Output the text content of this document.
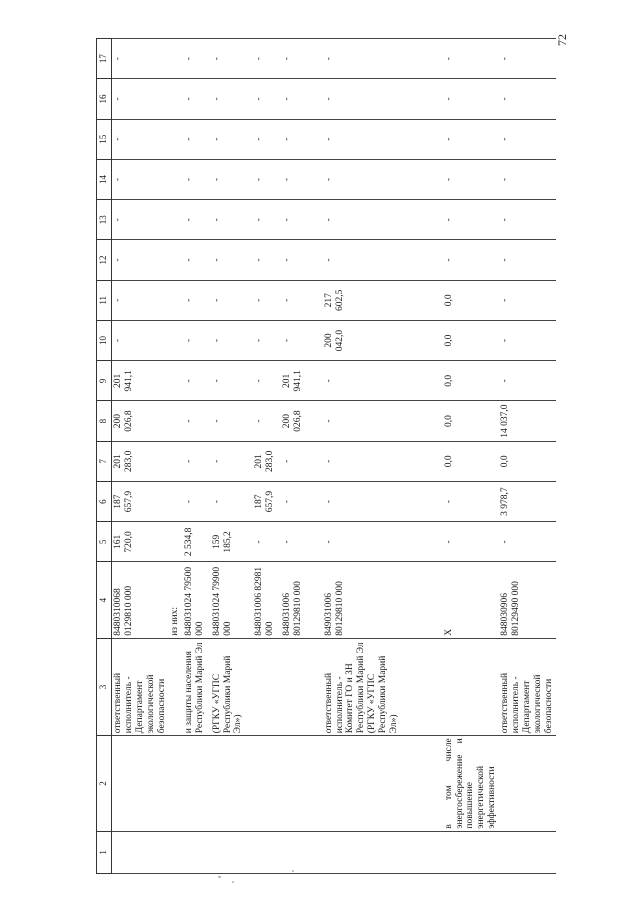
72
1	2	3	4	5	6	7	8	9	10	11	12	13	14	15	16	17
		ответственный исполнитель - Департамент экологической безопасности	8480310068 0129810 000	161 720,0	187 657,9	201 283,0	200 026,8	201 941,1	-	-	-	-	-	-	-	-
			из них:													
		и защиты населения Республики Марий Эл	848031024 79500 000	2 534,8	-	-	-	-	-	-	-	-	-	-	-	-
		(РГКУ «УГПС Республики Марий Эл»)	848031024 79900 000	159 185,2	-	-	-	-	-	-	-	-	-	-	-	-
			848031006 82981 000	-	187 657,9	201 283,0	-	-	-	-	-	-	-	-	-	-
			848031006 80129810 000	-	-	-	200 026,8	201 941,1	-	-	-	-	-	-	-	-
		ответственный исполнитель - Комитет ГО и ЗН Республики Марий Эл (РГКУ «УГПС Республики Марий Эл»)	849031006 80129810 000	-	-	-	-	-	200 042,0	217 602,5	-	-	-	-	-	-
	в том числе энергосбережение и повышение энергетической эффективности		X	-	-	0,0	0,0	0,0	0,0	0,0	-	-	-	-	-	-
		ответственный исполнитель - Департамент экологической безопасности	848030906 80129490 000	-	3 978,7	0,0	14 037,0	-	-	-	-	-	-	-	-	-
